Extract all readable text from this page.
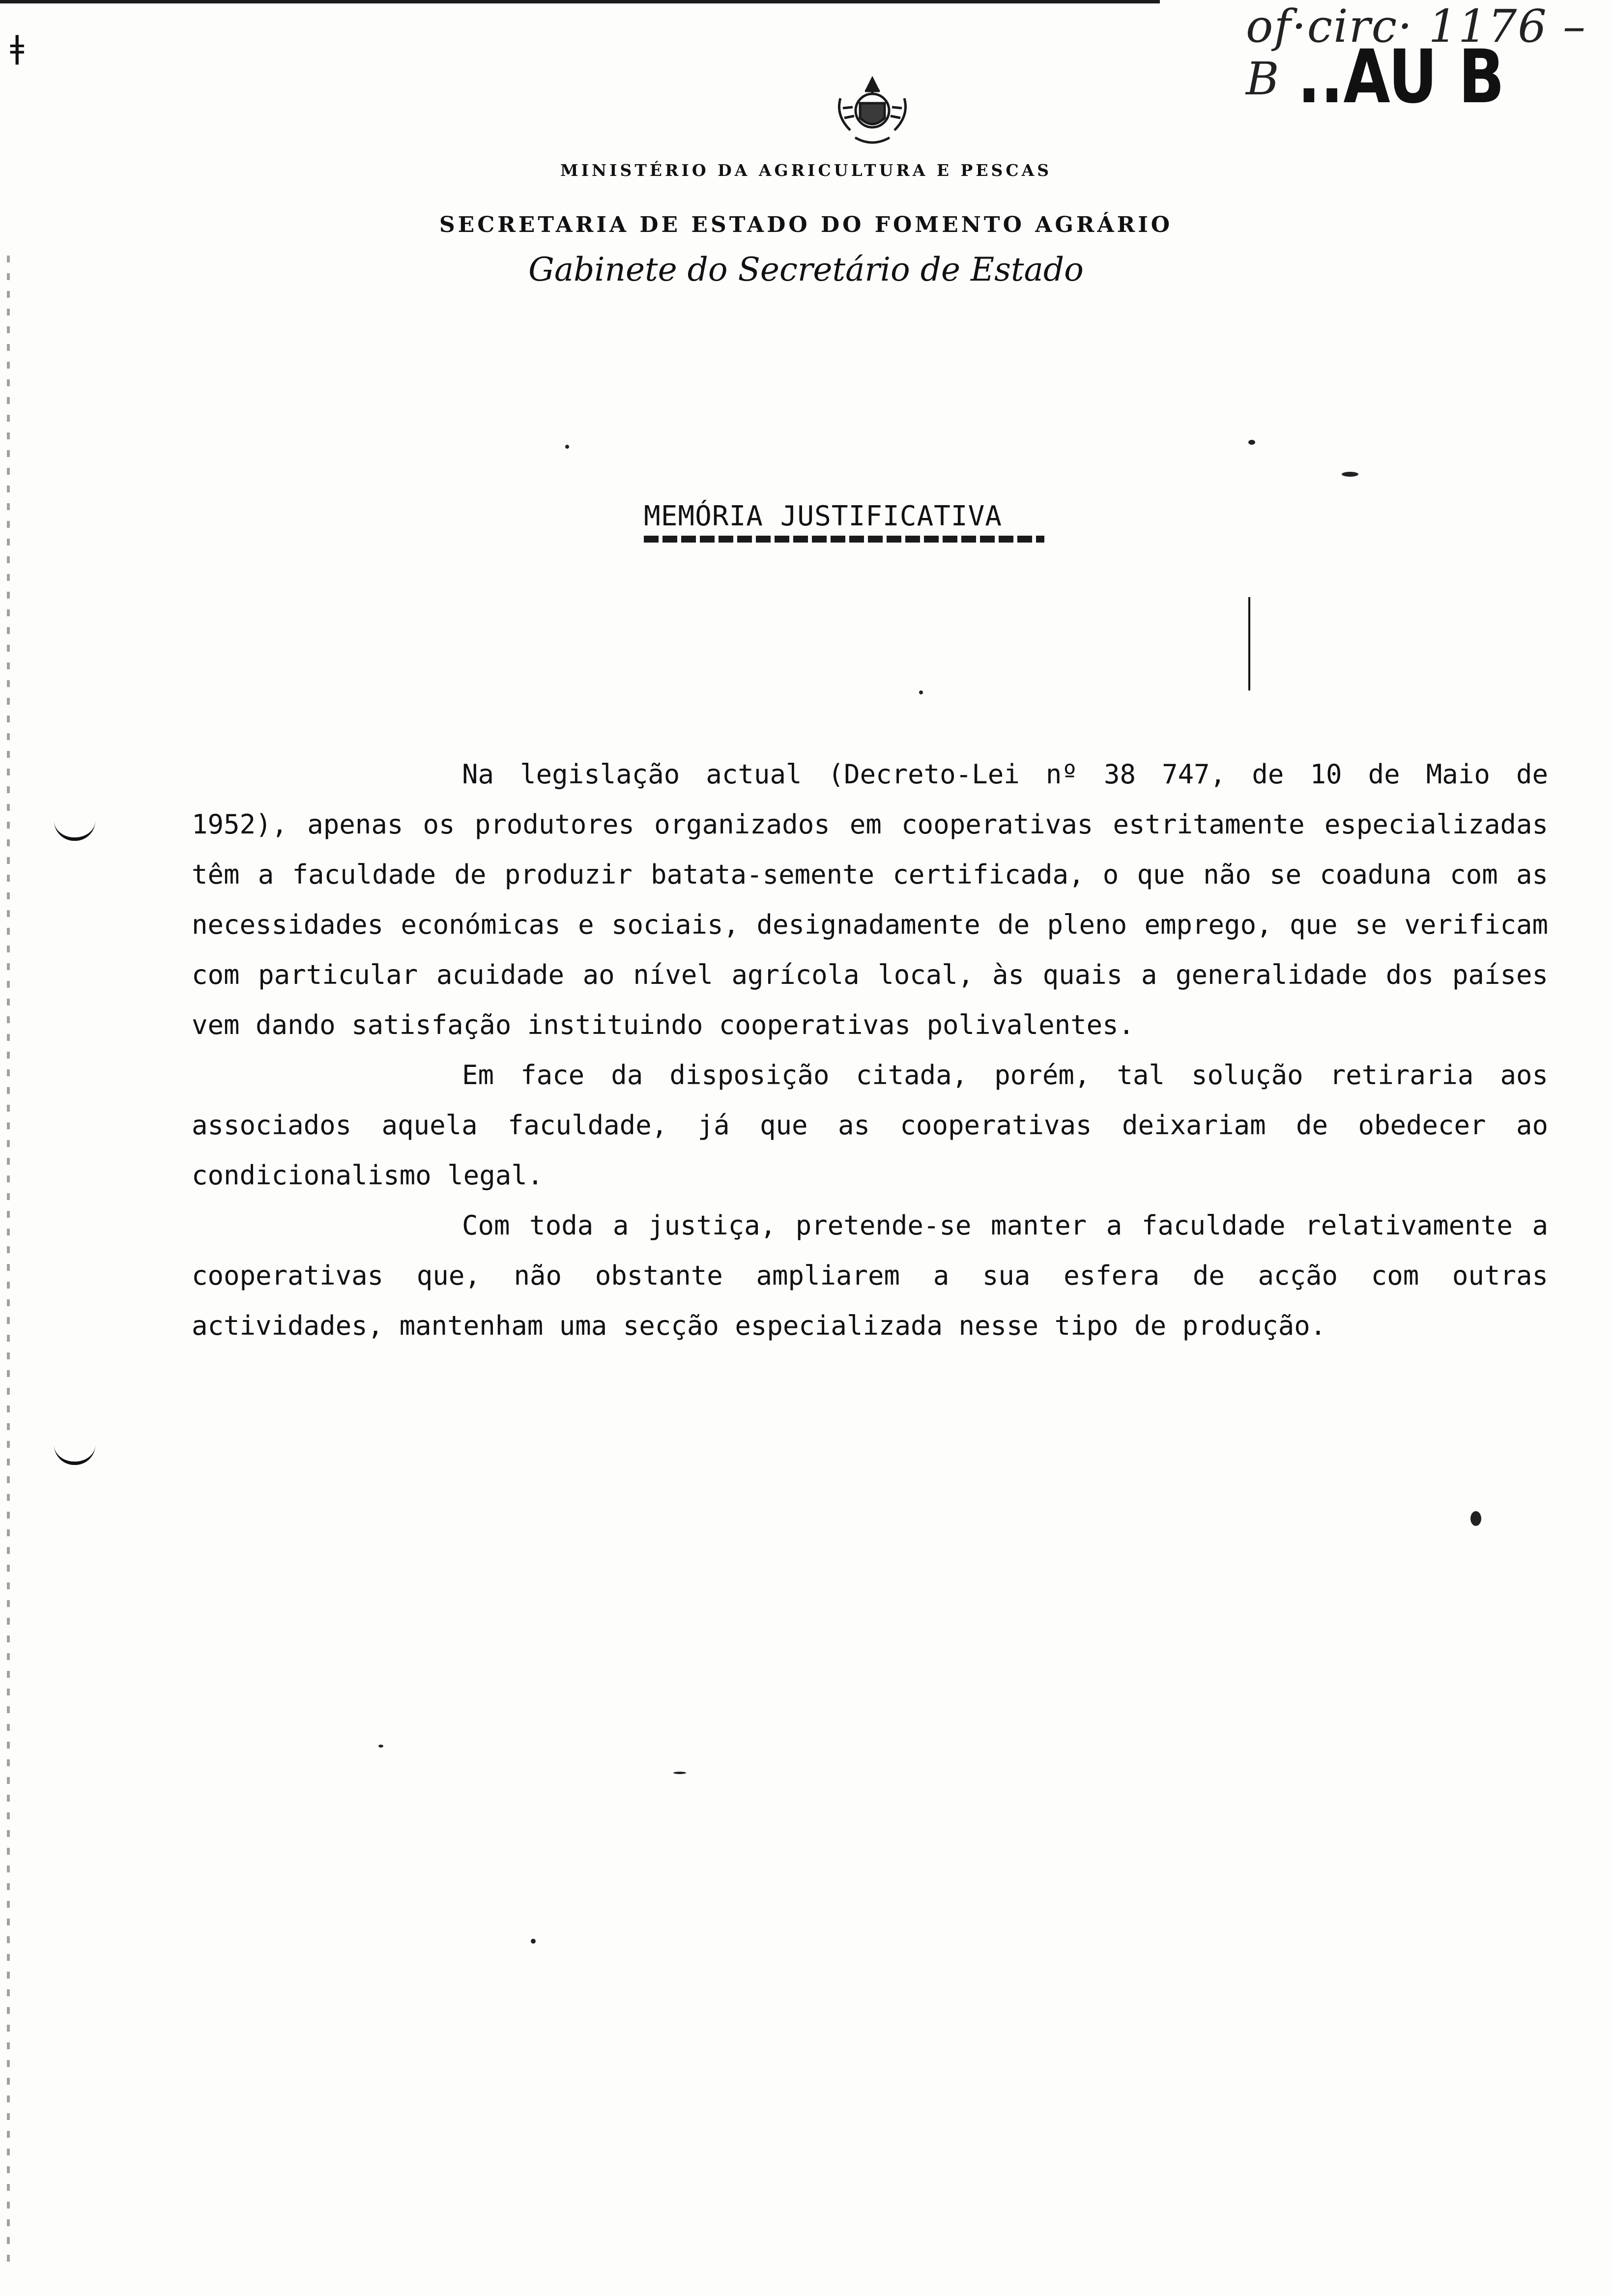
ǂ	of·circ· 1176 – B ..AU B
MINISTÉRIO DA AGRICULTURA E PESCAS
SECRETARIA DE ESTADO DO FOMENTO AGRÁRIO
Gabinete do Secretário de Estado
MEMÓRIA JUSTIFICATIVA

Na legislação actual (Decreto-Lei nº 38 747, de 10 de Maio de 1952), apenas os produtores organizados em cooperativas estritamente especializadas têm a faculdade de produzir batata-semente certificada, o que não se coaduna com as necessidades económicas e sociais, designadamente de pleno emprego, que se verificam com particular acuidade ao nível agrícola local, às quais a generalidade dos países vem dando satisfação instituindo cooperativas polivalentes.

Em face da disposição citada, porém, tal solução retiraria aos associados aquela faculdade, já que as cooperativas deixariam de obedecer ao condicionalismo legal.

Com toda a justiça, pretende-se manter a faculdade relativamente a cooperativas que, não obstante ampliarem a sua esfera de acção com outras actividades, mantenham uma secção especializada nesse tipo de produção.
